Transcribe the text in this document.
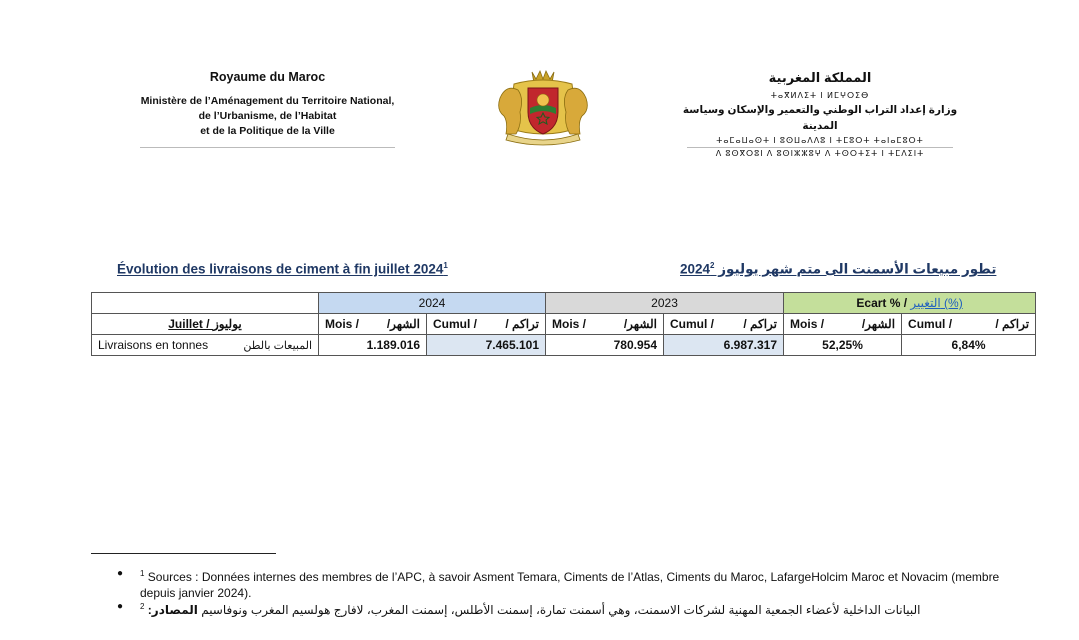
Royaume du Maroc
Ministère de l’Aménagement du Territoire National,
de l’Urbanisme, de l’Habitat
et de la Politique de la Ville
المملكة المغربية
ⵜⴰⴳⵍⴷⵉⵜ ⵏ ⵍⵎⵖⵔⵉⴱ
وزارة إعداد التراب الوطني والتعمير والإسكان وسياسة المدينة
ⵜⴰⵎⴰⵡⴰⵙⵜ ⵏ ⵓⵙⵡⴰⴷⴷⵓ ⵏ ⵜⵎⵓⵔⵜ ⵜⴰⵏⴰⵎⵓⵔⵜ
ⴷ ⵓⵙⴳⵔⵓⵏ ⴷ ⵓⵙⵏⵣⵣⵓⵖ ⴷ ⵜⵙⵔⵜⵉⵜ ⵏ ⵜⵎⴷⵉⵏⵜ
Évolution des livraisons de ciment à fin juillet 2024$^1$	تطور مبيعات الأسمنت الى متم شهر يوليوز 2024$^2$
	2024		2023		Ecart % / التغيير (%)	
Juillet / يوليوز	Mois / الشهر/	Cumul / تراكم /	Mois / الشهر/	Cumul / تراكم /	Mois / الشهر/	Cumul / تراكم /

Livraisons en tonnes المبيعات بالطن	1.189.016	7.465.101	780.954	6.987.317	52,25%	6,84%
●	$^1$ Sources : Données internes des membres de l’APC, à savoir Asment Temara, Ciments de l’Atlas, Ciments du Maroc, LafargeHolcim Maroc et Novacim (membre depuis janvier 2024).
●	$^2$	البيانات الداخلية لأعضاء الجمعية المهنية لشركات الاسمنت، وهي أسمنت تمارة، إسمنت الأطلس، إسمنت المغرب، لافارج هولسيم المغرب ونوفاسيم المصادر:
